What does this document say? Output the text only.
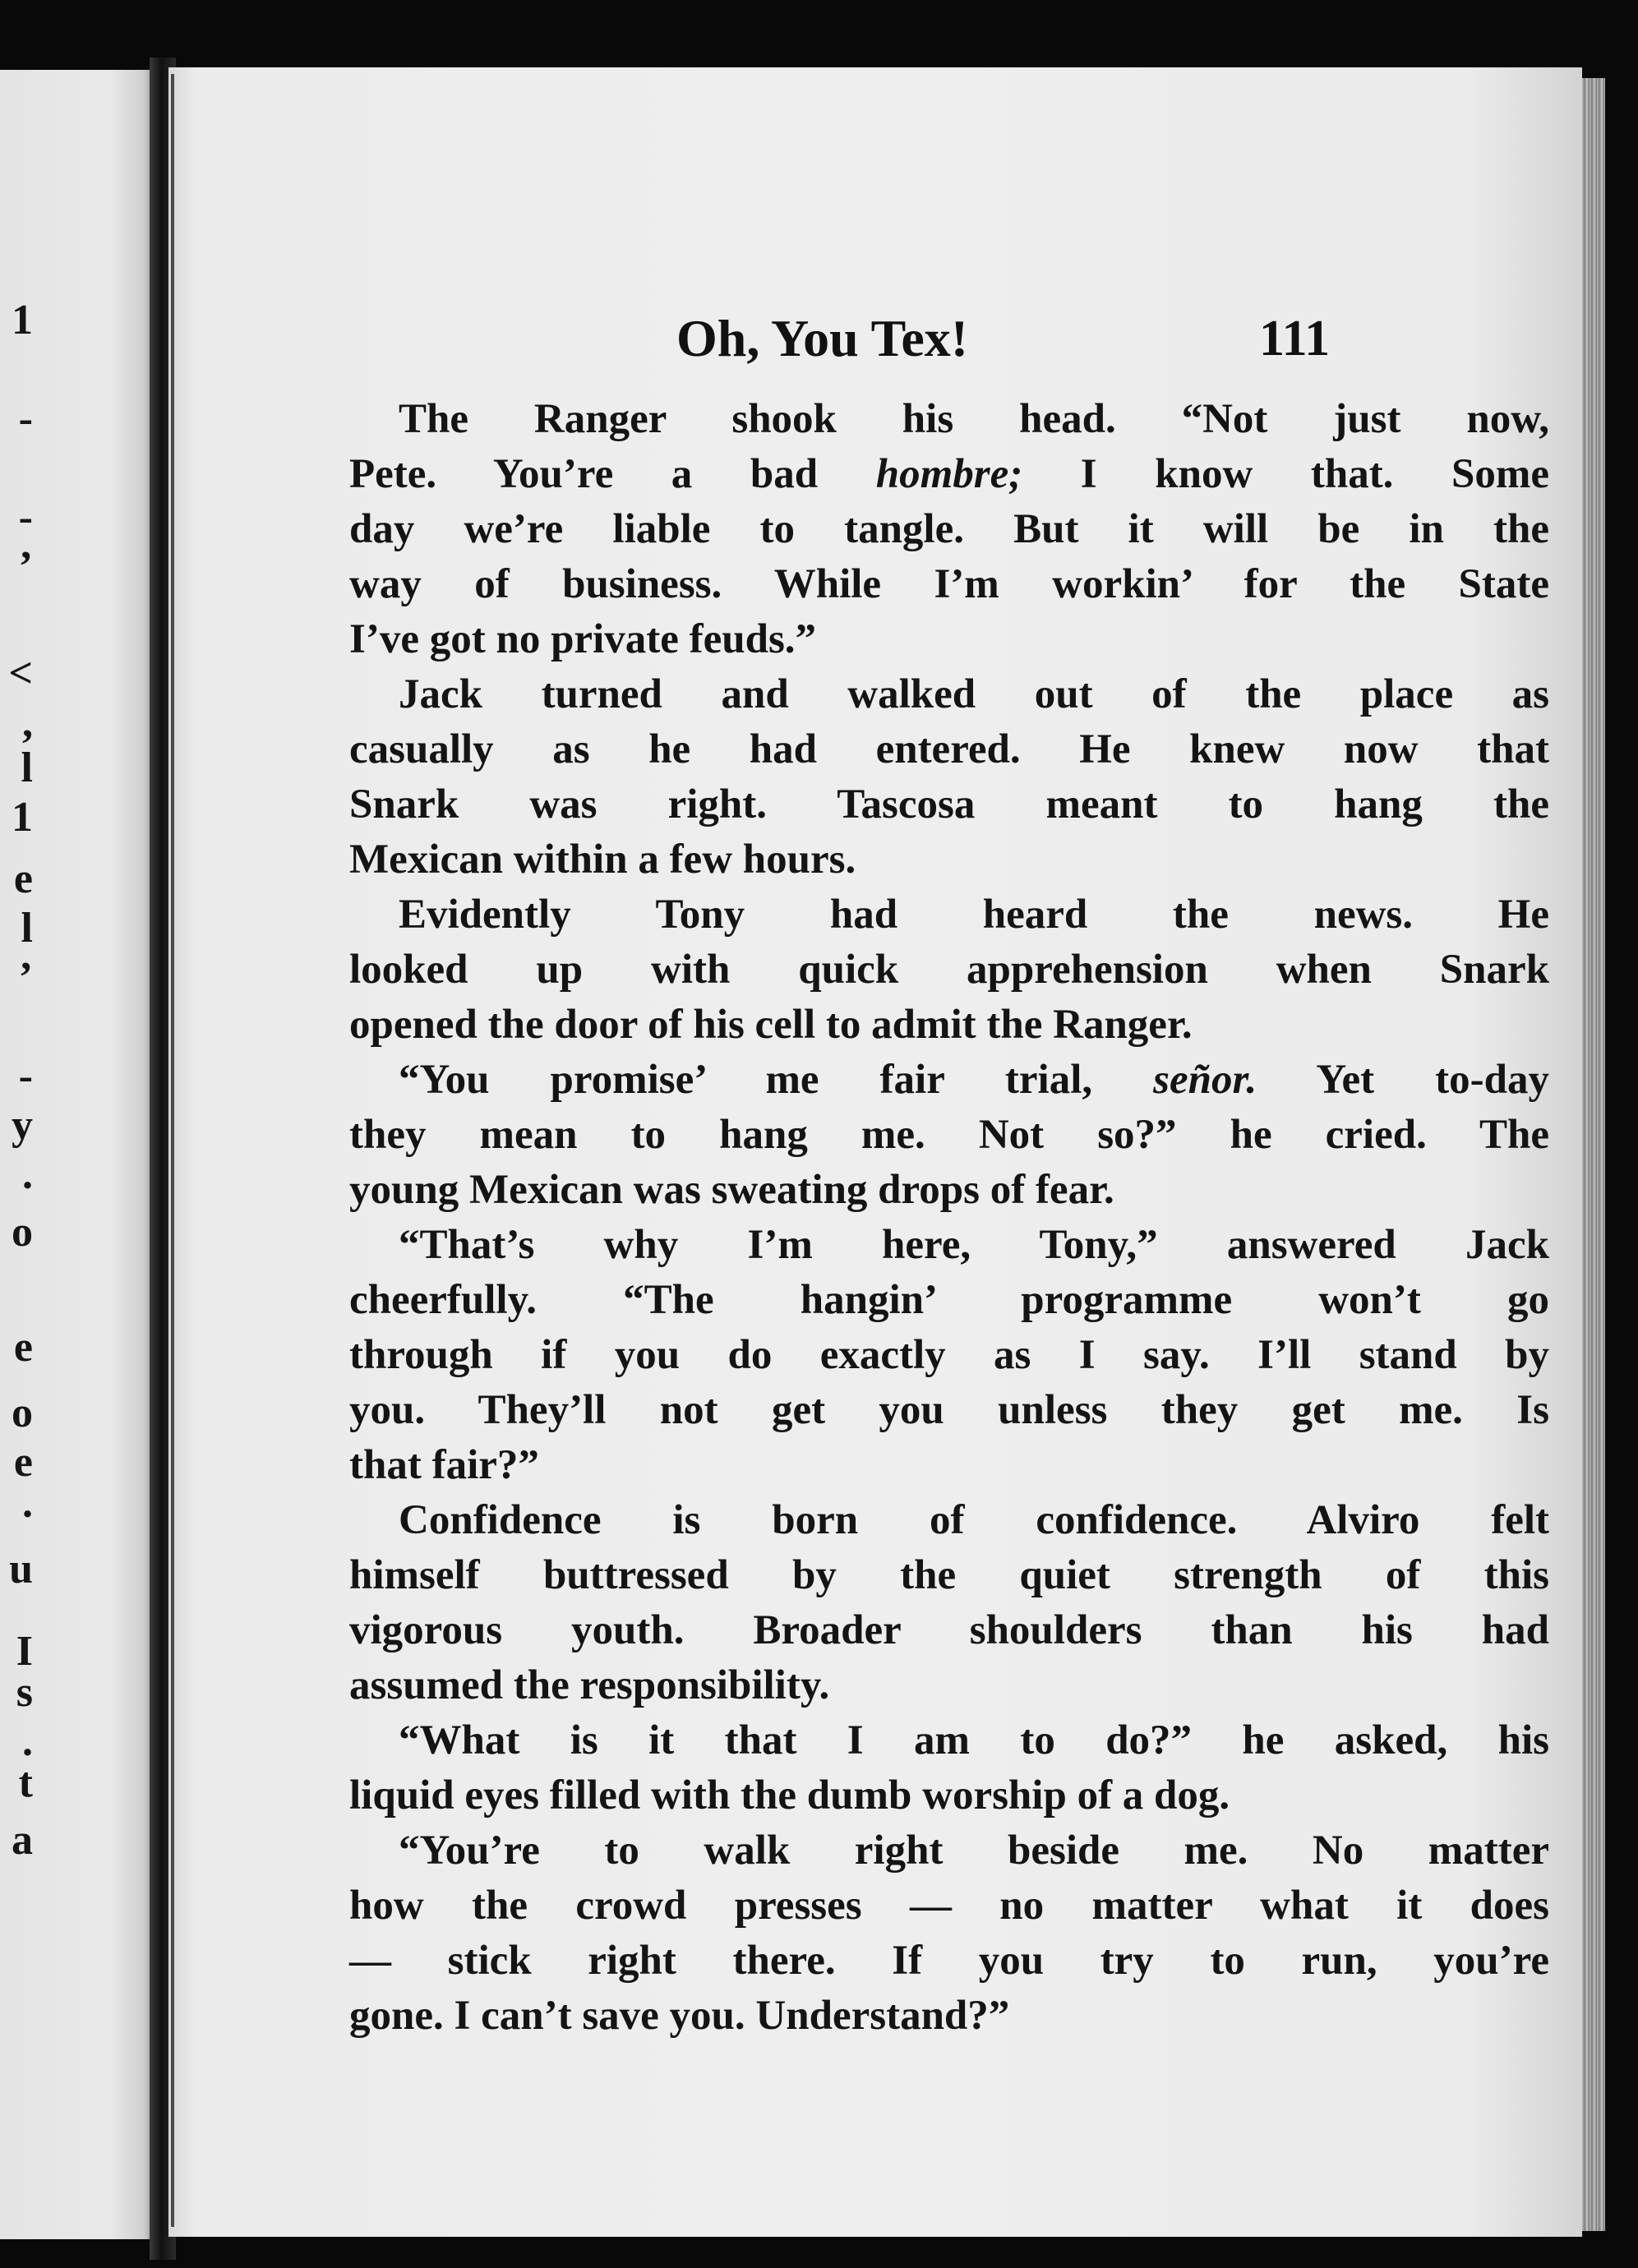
1
-
-
’
<
,
l
1
e
l
’
-
y
.
o
e
o
e
.
u
I
s
.
t
a
Oh, You Tex!	111
The Ranger shook his head. “Not just now,
Pete. You’re a bad hombre; I know that. Some
day we’re liable to tangle. But it will be in the
way of business. While I’m workin’ for the State
I’ve got no private feuds.”
Jack turned and walked out of the place as
casually as he had entered. He knew now that
Snark was right. Tascosa meant to hang the
Mexican within a few hours.
Evidently Tony had heard the news. He
looked up with quick apprehension when Snark
opened the door of his cell to admit the Ranger.
“You promise’ me fair trial, señor. Yet to-day
they mean to hang me. Not so?” he cried. The
young Mexican was sweating drops of fear.
“That’s why I’m here, Tony,” answered Jack
cheerfully. “The hangin’ programme won’t go
through if you do exactly as I say. I’ll stand by
you. They’ll not get you unless they get me. Is
that fair?”
Confidence is born of confidence. Alviro felt
himself buttressed by the quiet strength of this
vigorous youth. Broader shoulders than his had
assumed the responsibility.
“What is it that I am to do?” he asked, his
liquid eyes filled with the dumb worship of a dog.
“You’re to walk right beside me. No matter
how the crowd presses — no matter what it does
— stick right there. If you try to run, you’re
gone. I can’t save you. Understand?”
